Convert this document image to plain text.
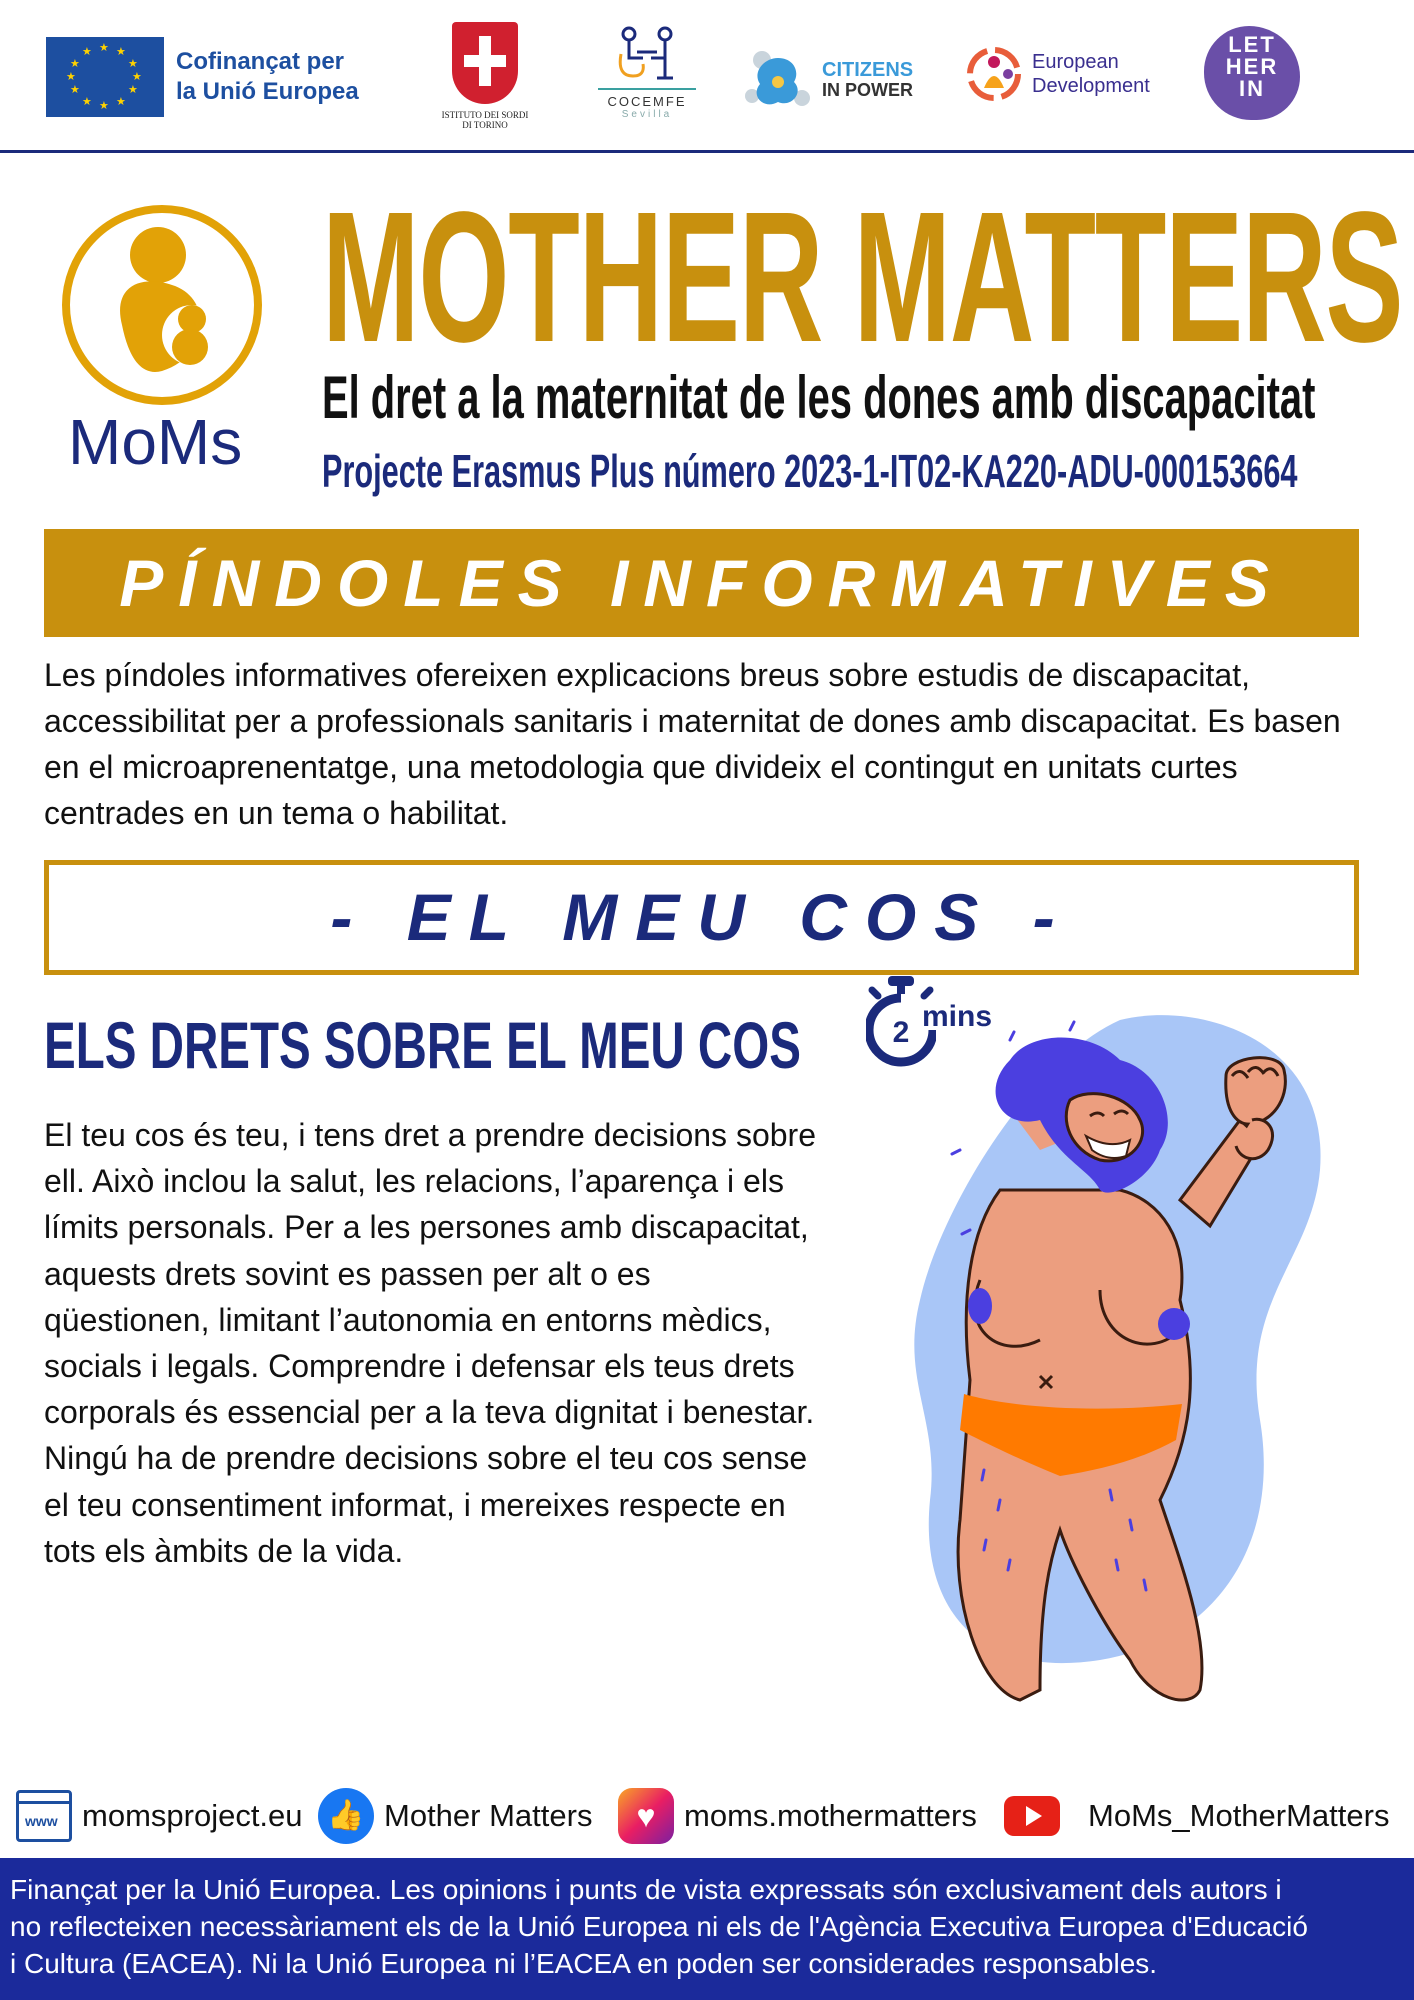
★ ★
★
★
★
★
★
★
★
★
★
★	Cofinançat per
la Unió Europea
ISTITUTO DEI SORDI
DI TORINO
COCEMFE
Sevilla
CITIZENS
IN POWER
European
Development
LET
HER
IN
MoMs
MOTHER MATTERS
El dret a la maternitat de les dones amb discapacitat
Projecte Erasmus Plus número 2023-1-IT02-KA220-ADU-000153664
PÍNDOLES INFORMATIVES
Les píndoles informatives ofereixen explicacions breus sobre estudis de discapacitat, accessibilitat per a professionals sanitaris i maternitat de dones amb discapacitat. Es basen en el microaprenentatge, una metodologia que divideix el contingut en unitats curtes centrades en un tema o habilitat.
- EL MEU COS -
ELS DRETS SOBRE EL MEU COS	2 mins
El teu cos és teu, i tens dret a prendre decisions sobre ell. Això inclou la salut, les relacions, l’aparença i els límits personals. Per a les persones amb discapacitat, aquests drets sovint es passen per alt o es qüestionen, limitant l’autonomia en entorns mèdics, socials i legals. Comprendre i defensar els teus drets corporals és essencial per a la teva dignitat i benestar. Ningú ha de prendre decisions sobre el teu cos sense el teu consentiment informat, i mereixes respecte en tots els àmbits de la vida.
www momsproject.eu 👍 Mother Matters	♥ moms.mothermatters	MoMs_MotherMatters
Finançat per la Unió Europea. Les opinions i punts de vista expressats són exclusivament dels autors i
no reflecteixen necessàriament els de la Unió Europea ni els de l'Agència Executiva Europea d'Educació
i Cultura (EACEA). Ni la Unió Europea ni l’EACEA en poden ser considerades responsables.
